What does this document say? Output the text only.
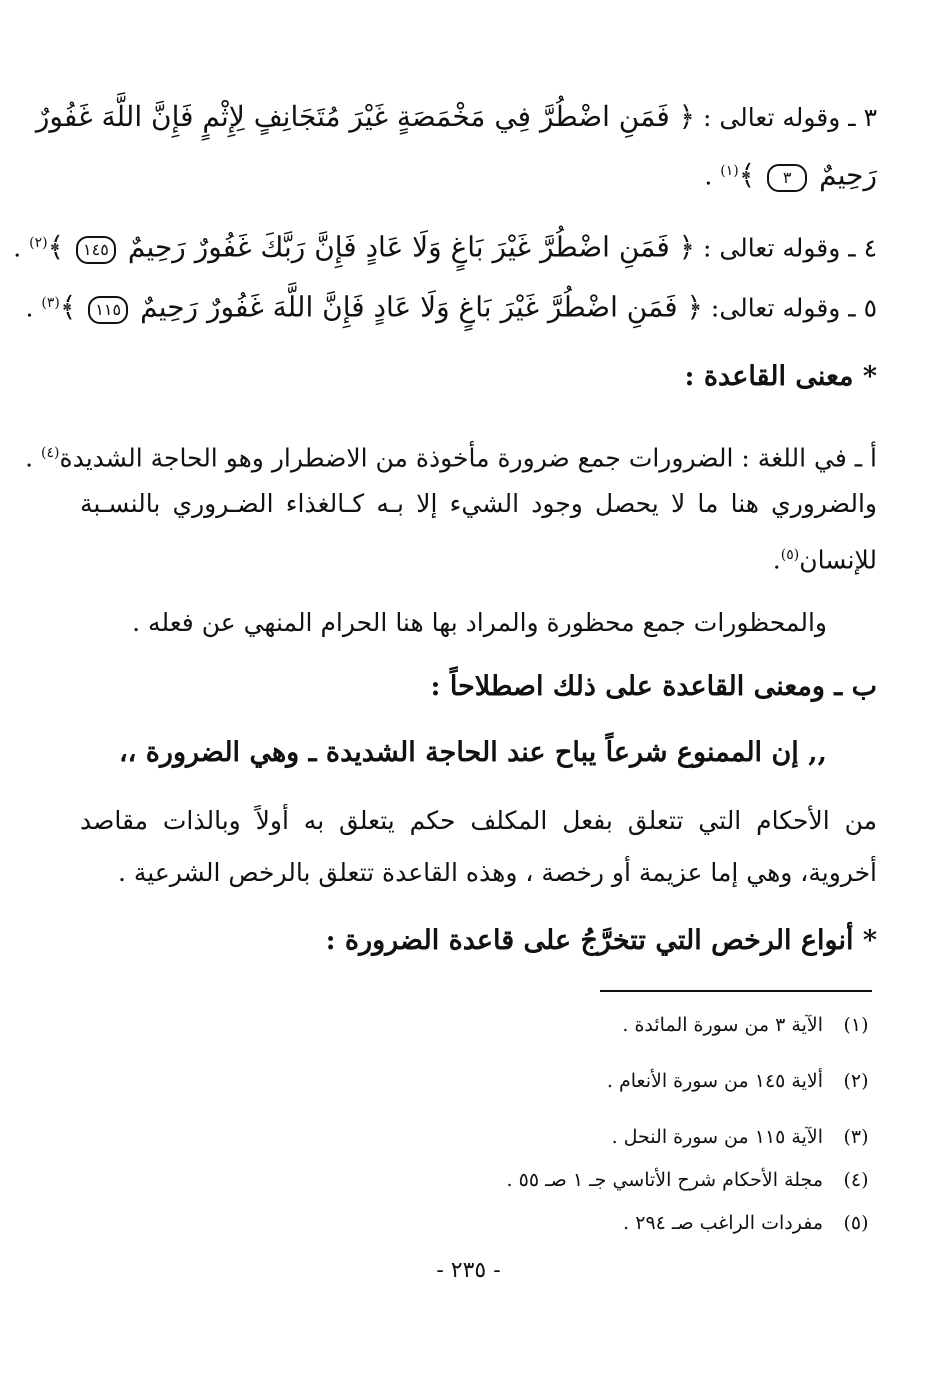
٣ ـ وقوله تعالى : ﴿ فَمَنِ اضْطُرَّ فِي مَخْمَصَةٍ غَيْرَ مُتَجَانِفٍ لِإِثْمٍ فَإِنَّ اللَّهَ غَفُورٌ
رَحِيمٌ ٣ ﴾$^{(١)}$ .
٤ ـ وقوله تعالى : ﴿ فَمَنِ اضْطُرَّ غَيْرَ بَاغٍ وَلَا عَادٍ فَإِنَّ رَبَّكَ غَفُورٌ رَحِيمٌ ١٤٥ ﴾$^{(٢)}$ .
٥ ـ وقوله تعالى: ﴿ فَمَنِ اضْطُرَّ غَيْرَ بَاغٍ وَلَا عَادٍ فَإِنَّ اللَّهَ غَفُورٌ رَحِيمٌ ١١٥ ﴾$^{(٣)}$ .
* معنى القاعدة :
أ ـ في اللغة : الضرورات جمع ضرورة مأخوذة من الاضطرار وهو الحاجة الشديدة$^{(٤)}$ .
والضروري هنا ما لا يحصل وجود الشيء إلا بـه كـالغذاء الضـروري بالنسـبة
للإنسان$^{(٥)}$.
والمحظورات جمع محظورة والمراد بها هنا الحرام المنهي عن فعله .
ب ـ ومعنى القاعدة على ذلك اصطلاحاً :
,, إن الممنوع شرعاً يباح عند الحاجة الشديدة ـ وهي الضرورة ،،
من الأحكام التي تتعلق بفعل المكلف حكم يتعلق به أولاً وبالذات مقاصد
أخروية، وهي إما عزيمة أو رخصة ، وهذه القاعدة تتعلق بالرخص الشرعية .
* أنواع الرخص التي تتخرَّجُ على قاعدة الضرورة :
(١)الآية ٣ من سورة المائدة .
(٢)ألاية ١٤٥ من سورة الأنعام .
(٣)الآية ١١٥ من سورة النحل .
(٤)مجلة الأحكام شرح الأتاسي جـ ١ صـ ٥٥ .
(٥)مفردات الراغب صـ ٢٩٤ .
- ٢٣٥ -
